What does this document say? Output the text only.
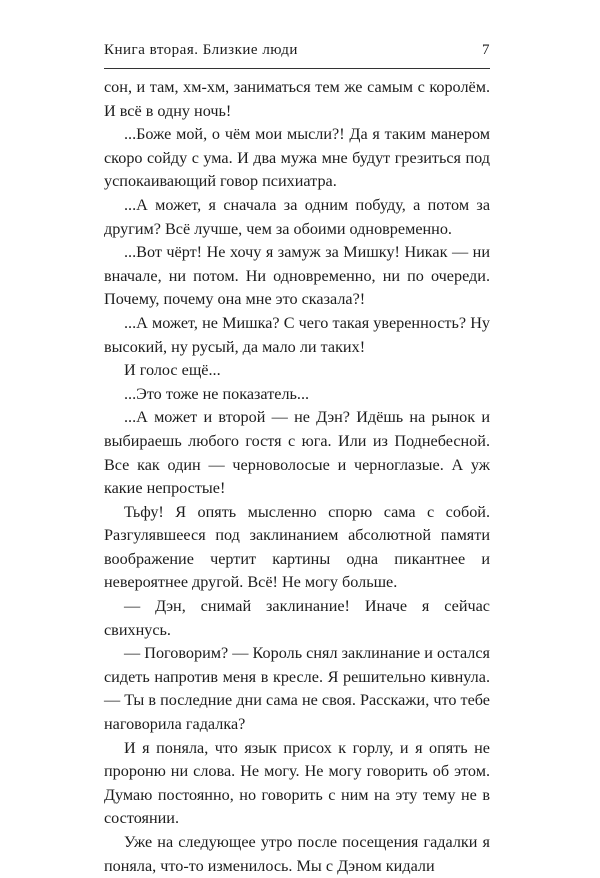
Книга вторая. Близкие люди	7

сон, и там, хм-хм, заниматься тем же самым с королём. И всё в одну ночь!

...Боже мой, о чём мои мысли?! Да я таким манером скоро сойду с ума. И два мужа мне будут грезиться под успокаивающий говор психиатра.

...А может, я сначала за одним побуду, а потом за другим? Всё лучше, чем за обоими одновременно.

...Вот чёрт! Не хочу я замуж за Мишку! Никак — ни вначале, ни потом. Ни одновременно, ни по очереди. Почему, почему она мне это сказала?!

...А может, не Мишка? С чего такая уверенность? Ну высокий, ну русый, да мало ли таких!

И голос ещё...

...Это тоже не показатель...

...А может и второй — не Дэн? Идёшь на рынок и выбираешь любого гостя с юга. Или из Поднебесной. Все как один — черноволосые и черноглазые. А уж какие непростые!

Тьфу! Я опять мысленно спорю сама с собой. Разгулявшееся под заклинанием абсолютной памяти воображение чертит картины одна пикантнее и невероятнее другой. Всё! Не могу больше.

— Дэн, снимай заклинание! Иначе я сейчас свихнусь.

— Поговорим? — Король снял заклинание и остался сидеть напротив меня в кресле. Я решительно кивнула. — Ты в последние дни сама не своя. Расскажи, что тебе наговорила гадалка?

И я поняла, что язык присох к горлу, и я опять не пророню ни слова. Не могу. Не могу говорить об этом. Думаю постоянно, но говорить с ним на эту тему не в состоянии.

Уже на следующее утро после посещения гадалки я поняла, что-то изменилось. Мы с Дэном кидали
